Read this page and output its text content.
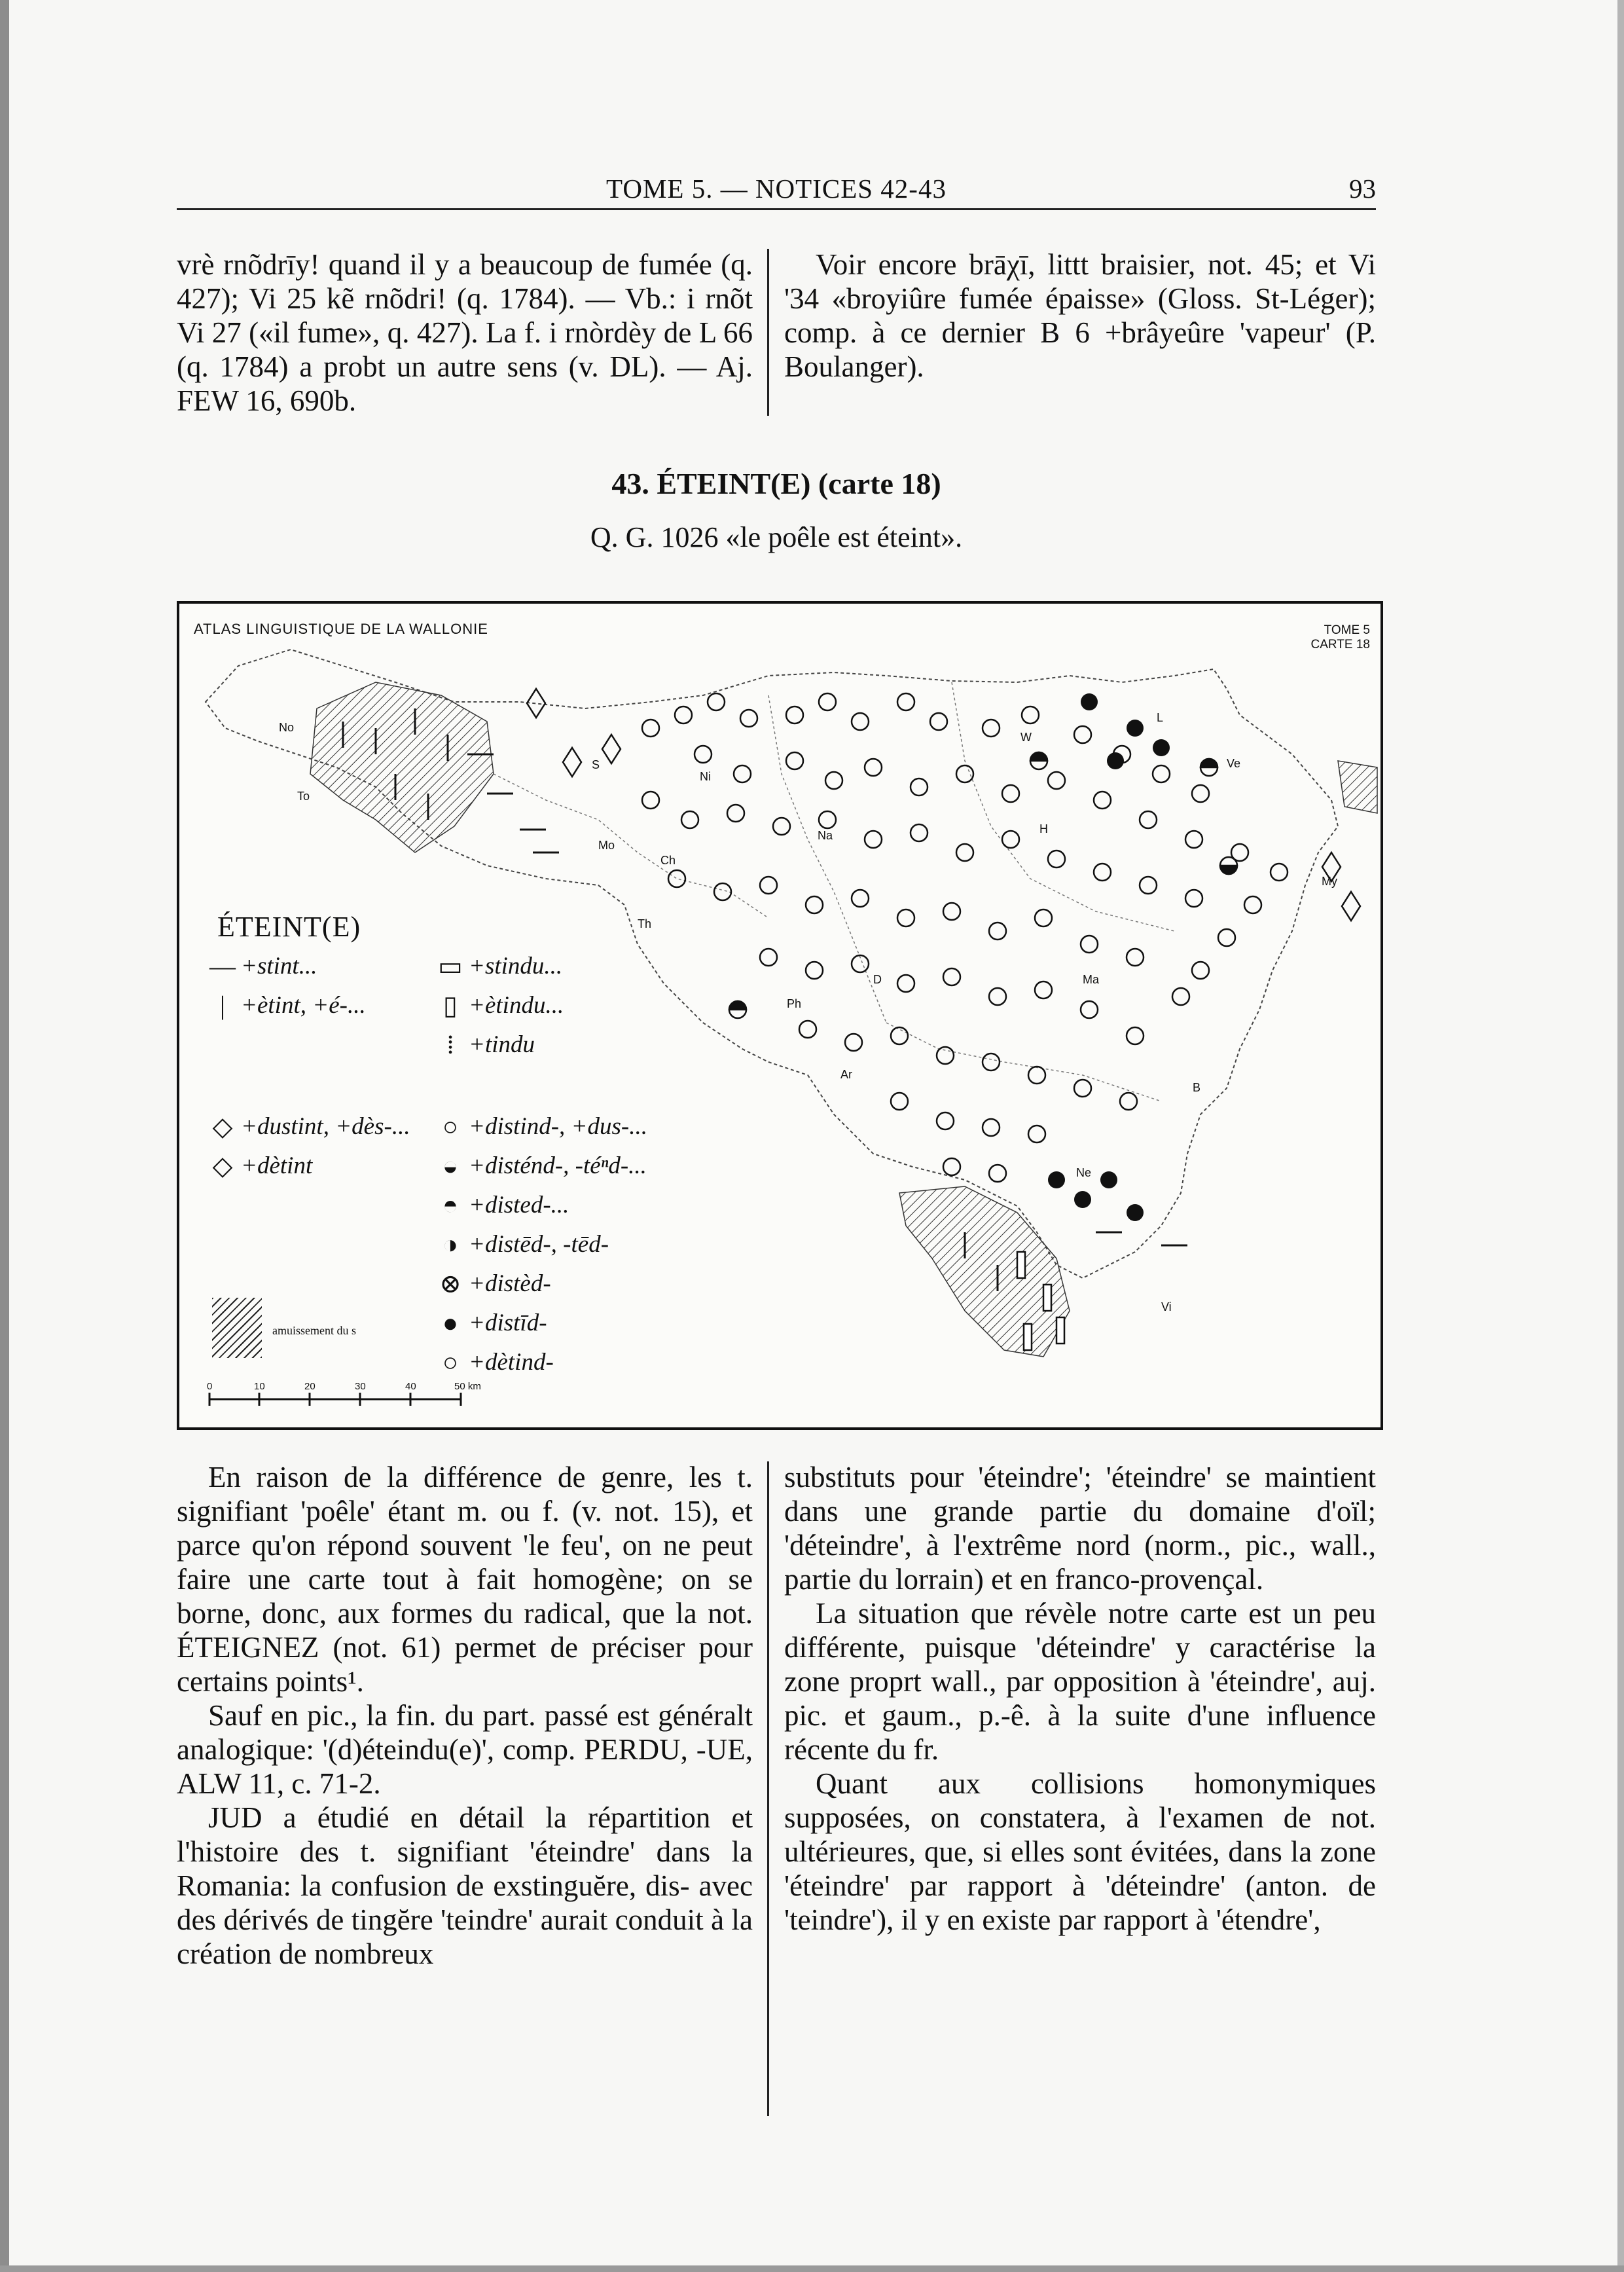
TOME 5. — NOTICES 42-43	93

vrè rnõdrīy! quand il y a beaucoup de fumée (q. 427); Vi 25 kẽ rnõdri! (q. 1784). — Vb.: i rnõt Vi 27 («il fume», q. 427). La f. i rnòrdèy de L 66 (q. 1784) a probt un autre sens (v. DL). — Aj. FEW 16, 690b.

Voir encore brāχī, littt braisier, not. 45; et Vi '34 «broyiûre fumée épaisse» (Gloss. St-Léger); comp. à ce dernier B 6 +brâyeûre 'vapeur' (P. Boulanger).

43. ÉTEINT(E) (carte 18)
Q. G. 1026 «le poêle est éteint».
0	10	20	30	40	50 km
No
To
Mo
S
Ni
Ch
Th
Na
Ph
D
Ar
H
W
L
Ve
My
Ma
B
Ne
Vi
ATLAS LINGUISTIQUE DE LA WALLONIE	TOME 5
CARTE 18
ÉTEINT(E)
— +stint...
| +ètint, +é-...
◇ +dustint, +dès-...
◇ +dètint
▭ +stindu...
▯ +ètindu...
⁞ +tindu
○ +distind-, +dus-...
◒ +disténd-, -téⁿd-...
◓ +disted-...
◑ +distēd-, -tēd-
⊗ +distèd-
● +distīd-
○ +dètind-
amuissement du s

En raison de la différence de genre, les t. signifiant 'poêle' étant m. ou f. (v. not. 15), et parce qu'on répond souvent 'le feu', on ne peut faire une carte tout à fait homogène; on se borne, donc, aux formes du radical, que la not. ÉTEIGNEZ (not. 61) permet de préciser pour certains points¹.

Sauf en pic., la fin. du part. passé est généralt analogique: '(d)éteindu(e)', comp. PERDU, -UE, ALW 11, c. 71-2.

JUD a étudié en détail la répartition et l'histoire des t. signifiant 'éteindre' dans la Romania: la confusion de exstinguĕre, dis- avec des dérivés de tingĕre 'teindre' aurait conduit à la création de nombreux

substituts pour 'éteindre'; 'éteindre' se maintient dans une grande partie du domaine d'oïl; 'déteindre', à l'extrême nord (norm., pic., wall., partie du lorrain) et en franco-provençal.

La situation que révèle notre carte est un peu différente, puisque 'déteindre' y caractérise la zone proprt wall., par opposition à 'éteindre', auj. pic. et gaum., p.-ê. à la suite d'une influence récente du fr.

Quant aux collisions homonymiques supposées, on constatera, à l'examen de not. ultérieures, que, si elles sont évitées, dans la zone 'éteindre' par rapport à 'déteindre' (anton. de 'teindre'), il y en existe par rapport à 'étendre',
